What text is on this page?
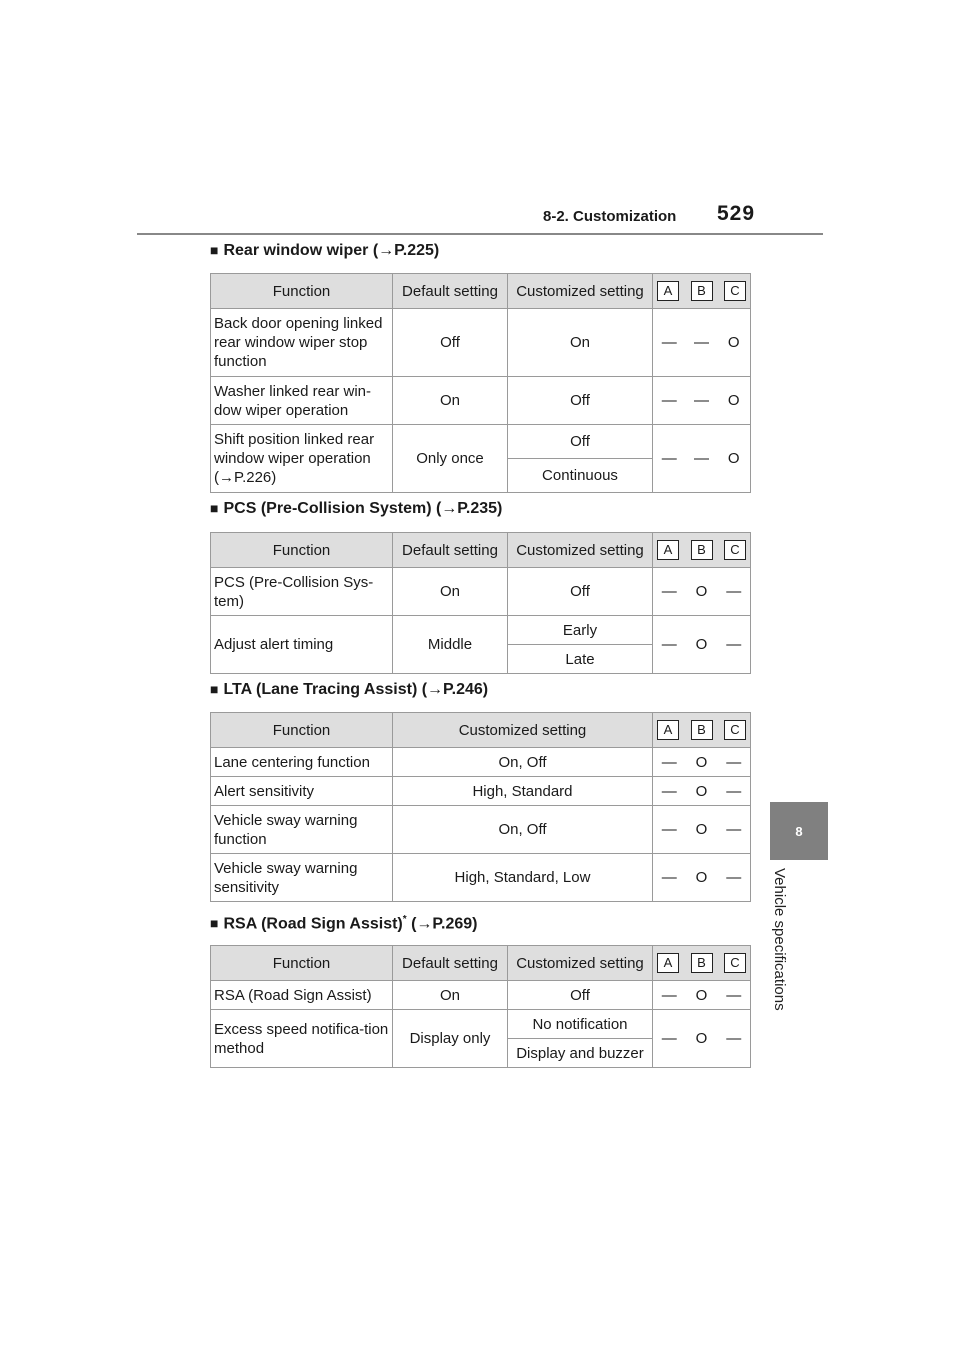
8-2. Customization 529
8
Vehicle specifications
■ Rear window wiper (→P.225)
Function	Default setting	Customized setting	A B C		

Back door opening linked rear window wiper stop function	Off	On	—	—	O
Washer linked rear win-dow wiper operation	On	Off	—	—	O
Shift position linked rear window wiper operation (→P.226)	Only once	Off	—	—	O
		Continuous			
■ PCS (Pre-Collision System) (→P.235)
Function	Default setting	Customized setting	A B C		

PCS (Pre-Collision Sys-tem)	On	Off	—	O	—
Adjust alert timing	Middle	Early	—	O	—
		Late			
■ LTA (Lane Tracing Assist) (→P.246)
Function	Customized setting	A B C		

Lane centering function	On, Off	—	O	—
Alert sensitivity	High, Standard	—	O	—
Vehicle sway warning function	On, Off	—	O	—
Vehicle sway warning sensitivity	High, Standard, Low	—	O	—
■ RSA (Road Sign Assist)* (→P.269)
Function	Default setting	Customized setting	A B C		

RSA (Road Sign Assist)	On	Off	—	O	—
Excess speed notifica-tion method	Display only	No notification	—	O	—
		Display and buzzer			
